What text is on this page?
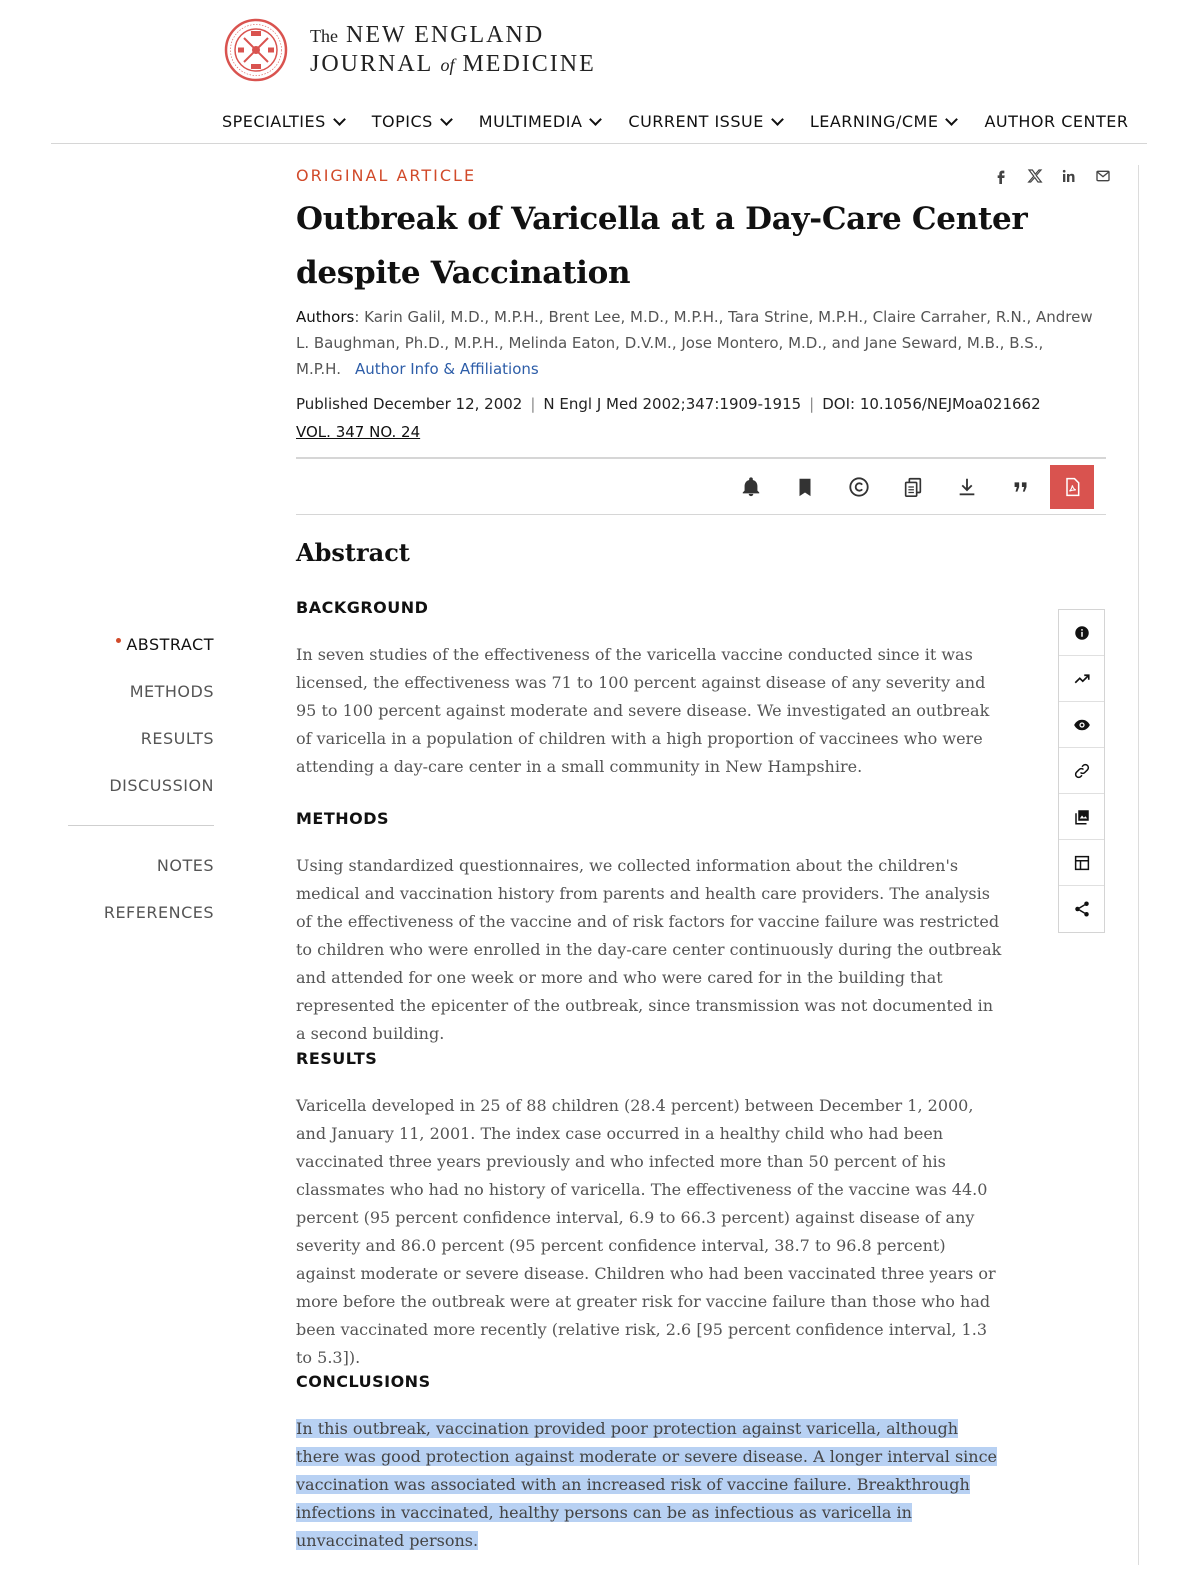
The NEW ENGLAND
JOURNAL of MEDICINE
SPECIALTIES	TOPICS	MULTIMEDIA	CURRENT ISSUE	LEARNING/CME	AUTHOR CENTER
ORIGINAL ARTICLE
Outbreak of Varicella at a Day-Care Center despite Vaccination
Authors: Karin Galil, M.D., M.P.H., Brent Lee, M.D., M.P.H., Tara Strine, M.P.H., Claire Carraher, R.N., Andrew L. Baughman, Ph.D., M.P.H., Melinda Eaton, D.V.M., Jose Montero, M.D., and Jane Seward, M.B., B.S., M.P.H. Author Info & Affiliations
Published December 12, 2002 | N Engl J Med 2002;347:1909-1915 | DOI: 10.1056/NEJMoa021662
VOL. 347 NO. 24
ABSTRACT
METHODS
RESULTS
DISCUSSION
NOTES
REFERENCES
Abstract
BACKGROUND

In seven studies of the effectiveness of the varicella vaccine conducted since it was licensed, the effectiveness was 71 to 100 percent against disease of any severity and 95 to 100 percent against moderate and severe disease. We investigated an outbreak of varicella in a population of children with a high proportion of vaccinees who were attending a day-care center in a small community in New Hampshire.

METHODS

Using standardized questionnaires, we collected information about the children's medical and vaccination history from parents and health care providers. The analysis of the effectiveness of the vaccine and of risk factors for vaccine failure was restricted to children who were enrolled in the day-care center continuously during the outbreak and attended for one week or more and who were cared for in the building that represented the epicenter of the outbreak, since transmission was not documented in a second building.

RESULTS

Varicella developed in 25 of 88 children (28.4 percent) between December 1, 2000, and January 11, 2001. The index case occurred in a healthy child who had been vaccinated three years previously and who infected more than 50 percent of his classmates who had no history of varicella. The effectiveness of the vaccine was 44.0 percent (95 percent confidence interval, 6.9 to 66.3 percent) against disease of any severity and 86.0 percent (95 percent confidence interval, 38.7 to 96.8 percent) against moderate or severe disease. Children who had been vaccinated three years or more before the outbreak were at greater risk for vaccine failure than those who had been vaccinated more recently (relative risk, 2.6 [95 percent confidence interval, 1.3 to 5.3]).

CONCLUSIONS

In this outbreak, vaccination provided poor protection against varicella, although there was good protection against moderate or severe disease. A longer interval since vaccination was associated with an increased risk of vaccine failure. Breakthrough infections in vaccinated, healthy persons can be as infectious as varicella in unvaccinated persons.
